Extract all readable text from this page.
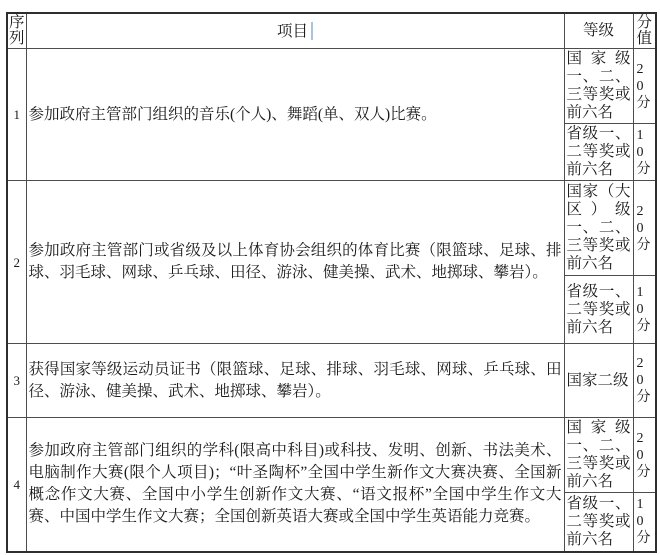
序列	项目	等级	分值
1	参加政府主管部门组织的音乐(个人)、舞蹈(单、双人)比赛。	国家级一、二、三等奖或前六名	20分
		省级一、二等奖或前六名	10分
2	参加政府主管部门或省级及以上体育协会组织的体育比赛（限篮球、足球、排球、羽毛球、网球、乒乓球、田径、游泳、健美操、武术、地掷球、攀岩）。	国家（大区）级一、二、三等奖或前六名	20分
		省级一、二等奖或前六名	10分
3	获得国家等级运动员证书（限篮球、足球、排球、羽毛球、网球、乒乓球、田径、游泳、健美操、武术、地掷球、攀岩）。	国家二级	20分
4	参加政府主管部门组织的学科(限高中科目)或科技、发明、创新、书法美术、电脑制作大赛(限个人项目)；“叶圣陶杯”全国中学生新作文大赛决赛、全国新概念作文大赛、全国中小学生创新作文大赛、“语文报杯”全国中学生作文大赛、中国中学生作文大赛；全国创新英语大赛或全国中学生英语能力竞赛。	国家级一、二、三等奖或前六名	20分
		省级一、二等奖或前六名	10分
